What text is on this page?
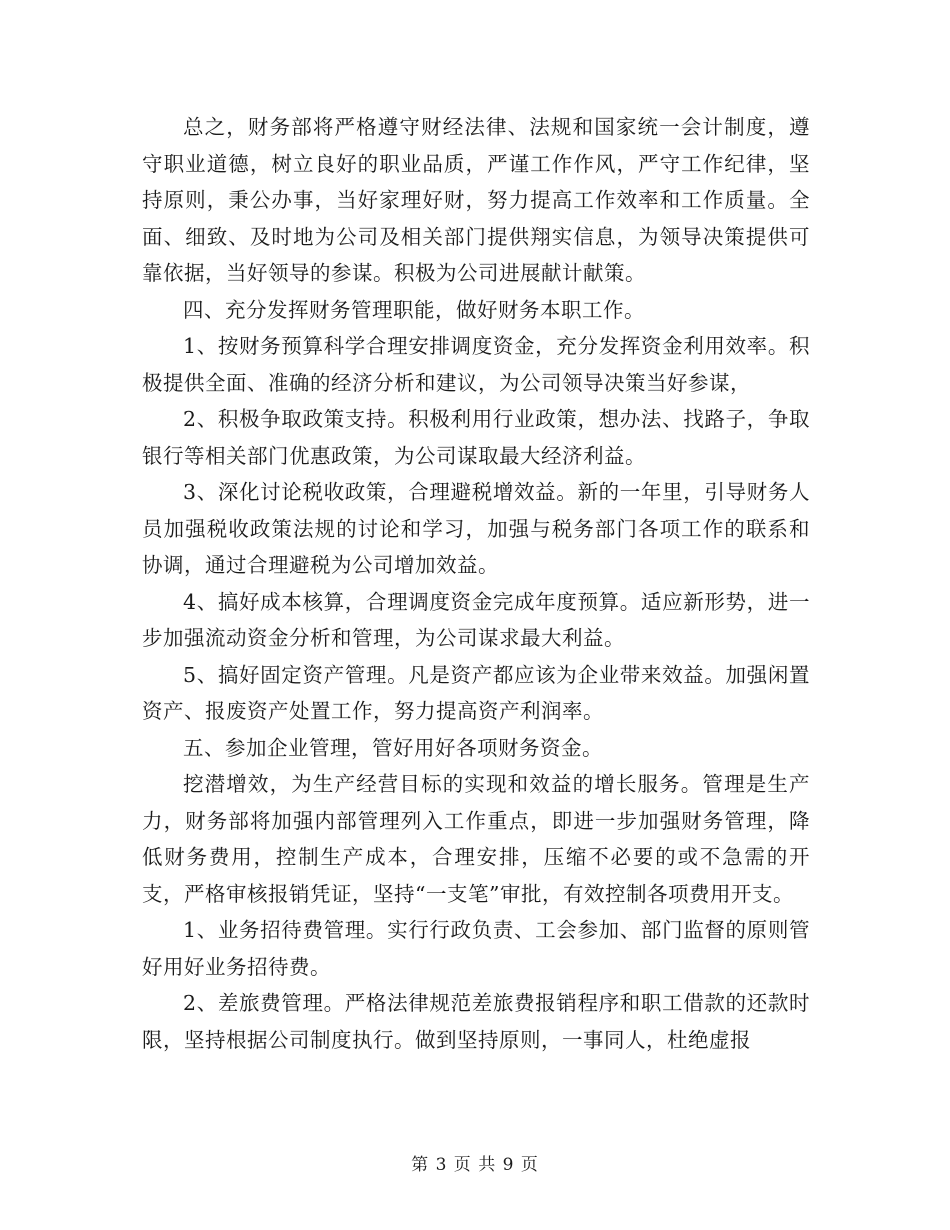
总之，财务部将严格遵守财经法律、法规和国家统一会计制度，遵守职业道德，树立良好的职业品质，严谨工作作风，严守工作纪律，坚持原则，秉公办事，当好家理好财，努力提高工作效率和工作质量。全面、细致、及时地为公司及相关部门提供翔实信息，为领导决策提供可靠依据，当好领导的参谋。积极为公司进展献计献策。

四、充分发挥财务管理职能，做好财务本职工作。

1、按财务预算科学合理安排调度资金，充分发挥资金利用效率。积极提供全面、准确的经济分析和建议，为公司领导决策当好参谋，

2、积极争取政策支持。积极利用行业政策，想办法、找路子，争取银行等相关部门优惠政策，为公司谋取最大经济利益。

3、深化讨论税收政策，合理避税增效益。新的一年里，引导财务人员加强税收政策法规的讨论和学习，加强与税务部门各项工作的联系和协调，通过合理避税为公司增加效益。

4、搞好成本核算，合理调度资金完成年度预算。适应新形势，进一步加强流动资金分析和管理，为公司谋求最大利益。

5、搞好固定资产管理。凡是资产都应该为企业带来效益。加强闲置资产、报废资产处置工作，努力提高资产利润率。

五、参加企业管理，管好用好各项财务资金。

挖潜增效，为生产经营目标的实现和效益的增长服务。管理是生产力，财务部将加强内部管理列入工作重点，即进一步加强财务管理，降低财务费用，控制生产成本，合理安排，压缩不必要的或不急需的开支，严格审核报销凭证，坚持“一支笔”审批，有效控制各项费用开支。

1、业务招待费管理。实行行政负责、工会参加、部门监督的原则管好用好业务招待费。

2、差旅费管理。严格法律规范差旅费报销程序和职工借款的还款时限，坚持根据公司制度执行。做到坚持原则，一事同人，杜绝虚报

第 3 页 共 9 页
